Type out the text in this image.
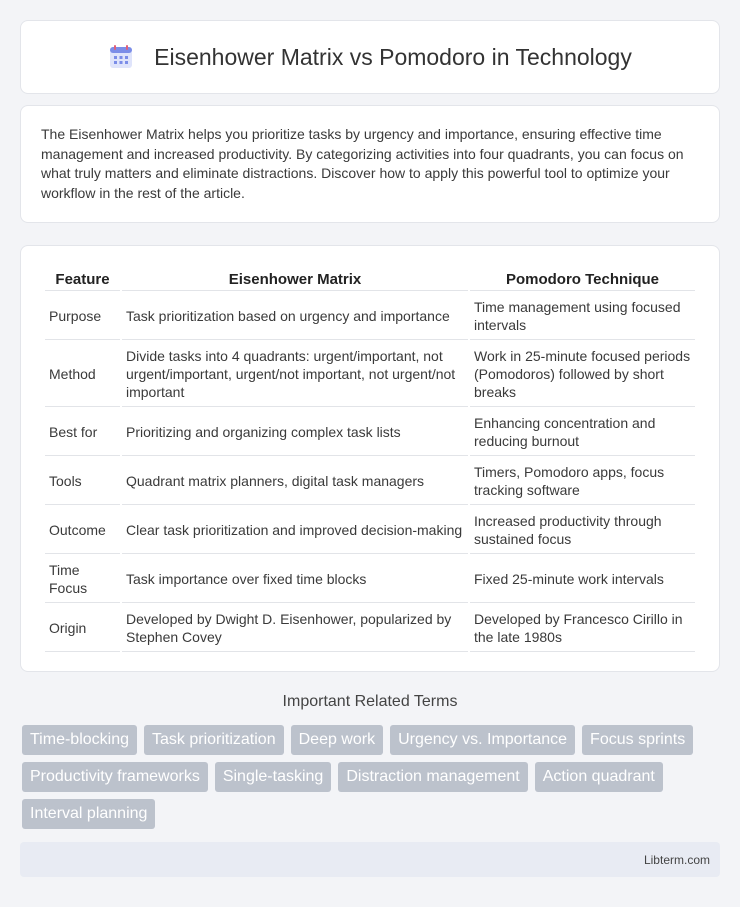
Eisenhower Matrix vs Pomodoro in Technology

The Eisenhower Matrix helps you prioritize tasks by urgency and importance, ensuring effective time management and increased productivity. By categorizing activities into four quadrants, you can focus on what truly matters and eliminate distractions. Discover how to apply this powerful tool to optimize your workflow in the rest of the article.

Feature	Eisenhower Matrix	Pomodoro Technique
Purpose	Task prioritization based on urgency and importance	Time management using focused intervals
Method	Divide tasks into 4 quadrants: urgent/important, not urgent/important, urgent/not important, not urgent/not important	Work in 25-minute focused periods (Pomodoros) followed by short breaks
Best for	Prioritizing and organizing complex task lists	Enhancing concentration and reducing burnout
Tools	Quadrant matrix planners, digital task managers	Timers, Pomodoro apps, focus tracking software
Outcome	Clear task prioritization and improved decision-making	Increased productivity through sustained focus
Time Focus	Task importance over fixed time blocks	Fixed 25-minute work intervals
Origin	Developed by Dwight D. Eisenhower, popularized by Stephen Covey	Developed by Francesco Cirillo in the late 1980s
Important Related Terms
Time-blocking	Task prioritization	Deep work	Urgency vs. Importance	Focus sprints
Productivity frameworks	Single-tasking	Distraction management	Action quadrant
Interval planning
Libterm.com
